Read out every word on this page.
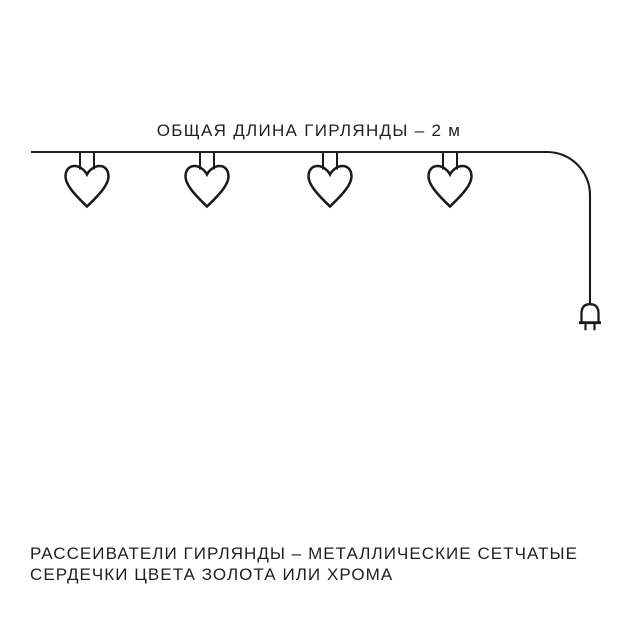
ОБЩАЯ ДЛИНА ГИРЛЯНДЫ – 2 м
РАССЕИВАТЕЛИ ГИРЛЯНДЫ – МЕТАЛЛИЧЕСКИЕ СЕТЧАТЫЕ
СЕРДЕЧКИ ЦВЕТА ЗОЛОТА ИЛИ ХРОМА
